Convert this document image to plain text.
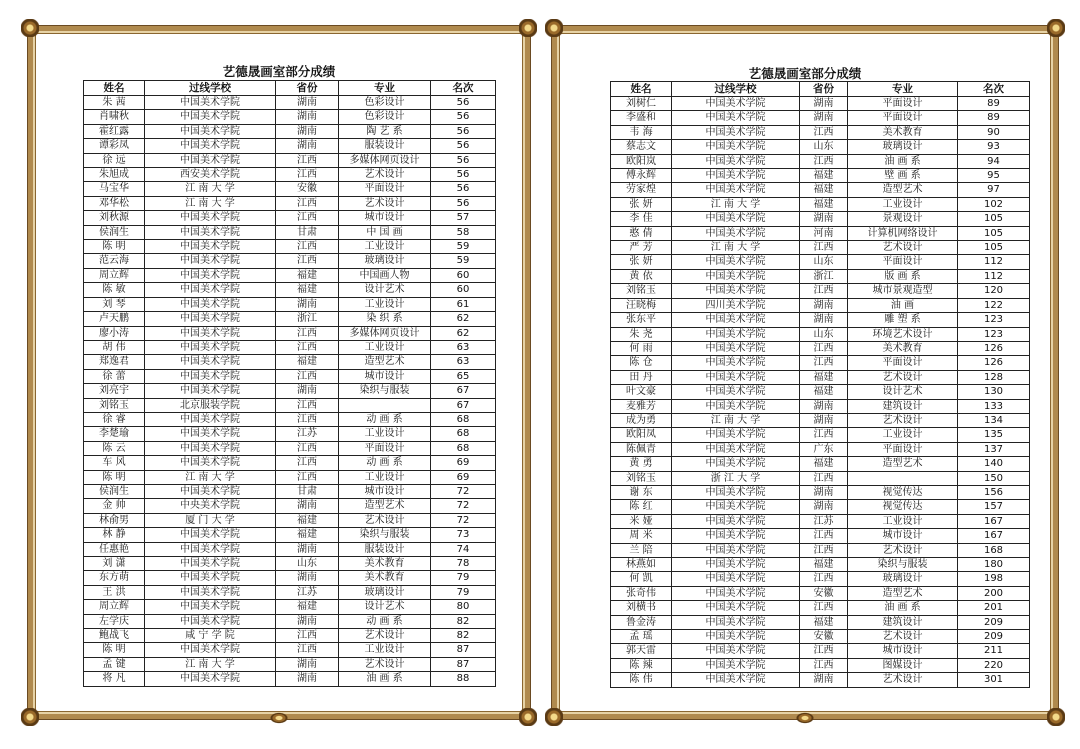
艺德晟画室部分成绩
姓名	过线学校	省份	专业	名次
朱 茜	中国美术学院	湖南	色彩设计	56
肖啸秋	中国美术学院	湖南	色彩设计	56
霍红露	中国美术学院	湖南	陶 艺 系	56
谭彩凤	中国美术学院	湖南	服装设计	56
徐 远	中国美术学院	江西	多媒体网页设计	56
朱旭成	西安美术学院	江西	艺术设计	56
马宝华	江 南 大 学	安徽	平面设计	56
邓华松	江 南 大 学	江西	艺术设计	56
刘秋源	中国美术学院	江西	城市设计	57
侯润生	中国美术学院	甘肃	中 国 画	58
陈 明	中国美术学院	江西	工业设计	59
范云海	中国美术学院	江西	玻璃设计	59
周立辉	中国美术学院	福建	中国画人物	60
陈 敏	中国美术学院	福建	设计艺术	60
刘 琴	中国美术学院	湖南	工业设计	61
卢天鹏	中国美术学院	浙江	染 织 系	62
廖小涛	中国美术学院	江西	多媒体网页设计	62
胡 伟	中国美术学院	江西	工业设计	63
郑逸君	中国美术学院	福建	造型艺术	63
徐 蕾	中国美术学院	江西	城市设计	65
刘亮宇	中国美术学院	湖南	染织与服装	67
刘铭玉	北京服装学院	江西		67
徐 睿	中国美术学院	江西	动 画 系	68
李楚瑜	中国美术学院	江苏	工业设计	68
陈 云	中国美术学院	江西	平面设计	68
车 风	中国美术学院	江西	动 画 系	69
陈 明	江 南 大 学	江西	工业设计	69
侯润生	中国美术学院	甘肃	城市设计	72
金 帅	中央美术学院	湖南	造型艺术	72
林俞男	厦 门 大 学	福建	艺术设计	72
林 静	中国美术学院	福建	染织与服装	73
任惠艳	中国美术学院	湖南	服装设计	74
刘 潇	中国美术学院	山东	美术教育	78
东方萌	中国美术学院	湖南	美术教育	79
王 洪	中国美术学院	江苏	玻璃设计	79
周立辉	中国美术学院	福建	设计艺术	80
左学庆	中国美术学院	湖南	动 画 系	82
鲍战飞	咸 宁 学 院	江西	艺术设计	82
陈 明	中国美术学院	江西	工业设计	87
孟 键	江 南 大 学	湖南	艺术设计	87
将 凡	中国美术学院	湖南	油 画 系	88
艺德晟画室部分成绩
姓名	过线学校	省份	专业	名次
刘树仁	中国美术学院	湖南	平面设计	89
李盛和	中国美术学院	湖南	平面设计	89
韦 海	中国美术学院	江西	美术教育	90
蔡志文	中国美术学院	山东	玻璃设计	93
欧阳岚	中国美术学院	江西	油 画 系	94
傅永辉	中国美术学院	福建	壁 画 系	95
劳家煌	中国美术学院	福建	造型艺术	97
张 妍	江 南 大 学	福建	工业设计	102
李 佳	中国美术学院	湖南	景观设计	105
憨 倩	中国美术学院	河南	计算机网络设计	105
严 芳	江 南 大 学	江西	艺术设计	105
张 妍	中国美术学院	山东	平面设计	112
黄 依	中国美术学院	浙江	版 画 系	112
刘铭玉	中国美术学院	江西	城市景观造型	120
汪晓梅	四川美术学院	湖南	油 画	122
张东平	中国美术学院	湖南	雕 塑 系	123
朱 尧	中国美术学院	山东	环境艺术设计	123
何 雨	中国美术学院	江西	美术教育	126
陈 仓	中国美术学院	江西	平面设计	126
田 丹	中国美术学院	福建	艺术设计	128
叶文豪	中国美术学院	福建	设计艺术	130
麦雅芳	中国美术学院	湖南	建筑设计	133
成为勇	江 南 大 学	湖南	艺术设计	134
欧阳凤	中国美术学院	江西	工业设计	135
陈佩青	中国美术学院	广东	平面设计	137
黄 勇	中国美术学院	福建	造型艺术	140
刘铭玉	浙 江 大 学	江西		150
谢 东	中国美术学院	湖南	视觉传达	156
陈 红	中国美术学院	湖南	视觉传达	157
米 娅	中国美术学院	江苏	工业设计	167
周 米	中国美术学院	江西	城市设计	167
兰 陪	中国美术学院	江西	艺术设计	168
林燕如	中国美术学院	福建	染织与服装	180
何 凯	中国美术学院	江西	玻璃设计	198
张奇伟	中国美术学院	安徽	造型艺术	200
刘横书	中国美术学院	江西	油 画 系	201
鲁金涛	中国美术学院	福建	建筑设计	209
孟 瑶	中国美术学院	安徽	艺术设计	209
郭天雷	中国美术学院	江西	城市设计	211
陈 辣	中国美术学院	江西	图媒设计	220
陈 伟	中国美术学院	湖南	艺术设计	301
